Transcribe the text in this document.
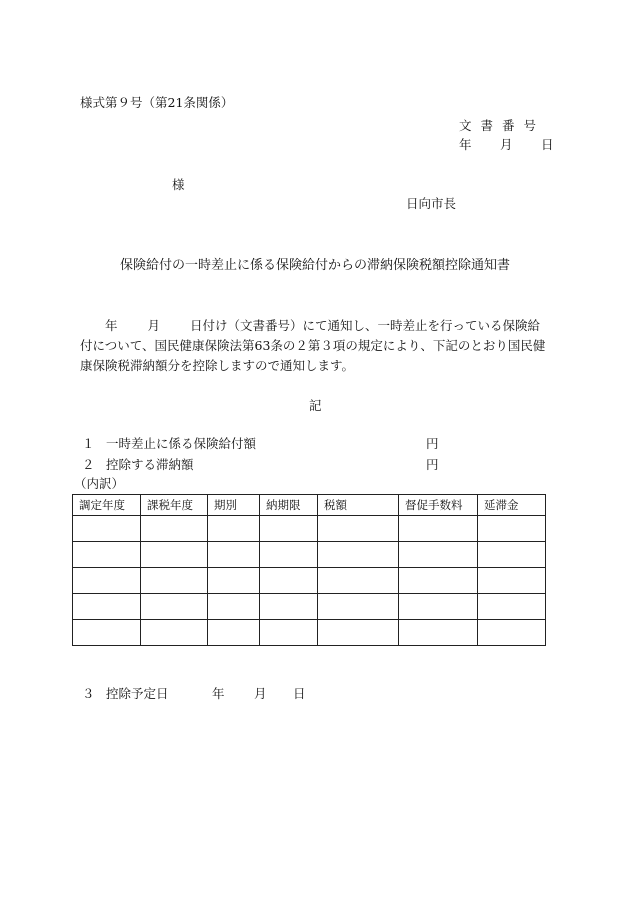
様式第９号（第21条関係）
文書番号
年 月 日
様
日向市長
保険給付の一時差止に係る保険給付からの滞納保険税額控除通知書
年 月 日付け（文書番号）にて通知し、一時差止を行っている保険給付について、国民健康保険法第63条の２第３項の規定により、下記のとおり国民健康保険税滞納額分を控除しますので通知します。
記
１ 一時差止に係る保険給付額	円
２ 控除する滞納額	円
（内訳）
調定年度	課税年度	期別	納期限	税額	督促手数料	延滞金

３ 控除予定日	年 月 日
